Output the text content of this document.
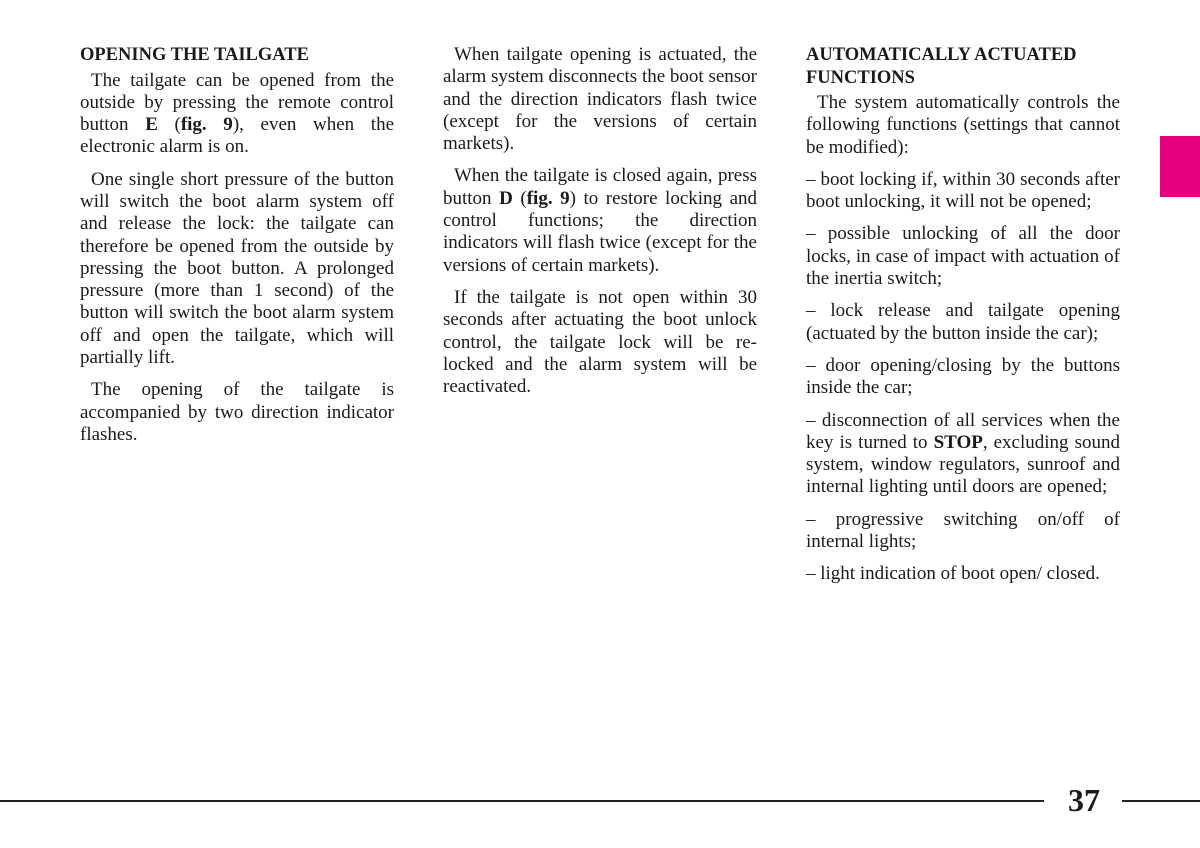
OPENING THE TAILGATE

The tailgate can be opened from the outside by pressing the remote control button E (fig. 9), even when the electronic alarm is on.

One single short pressure of the button will switch the boot alarm system off and release the lock: the tailgate can therefore be opened from the outside by pressing the boot button. A prolonged pressure (more than 1 second) of the button will switch the boot alarm system off and open the tailgate, which will partially lift.

The opening of the tailgate is accompanied by two direction indicator flashes.

When tailgate opening is actuated, the alarm system disconnects the boot sensor and the direction indicators flash twice (except for the versions of certain markets).

When the tailgate is closed again, press button D (fig. 9) to restore locking and control functions; the direction indicators will flash twice (except for the versions of certain markets).

If the tailgate is not open within 30 seconds after actuating the boot unlock control, the tailgate lock will be re-locked and the alarm system will be reactivated.

AUTOMATICALLY ACTUATED FUNCTIONS

The system automatically controls the following functions (settings that cannot be modified):

– boot locking if, within 30 seconds after boot unlocking, it will not be opened;

– possible unlocking of all the door locks, in case of impact with actuation of the inertia switch;

– lock release and tailgate opening (actuated by the button inside the car);

– door opening/closing by the buttons inside the car;

– disconnection of all services when the key is turned to STOP, excluding sound system, window regulators, sunroof and internal lighting until doors are opened;

– progressive switching on/off of internal lights;

– light indication of boot open/ closed.

37
